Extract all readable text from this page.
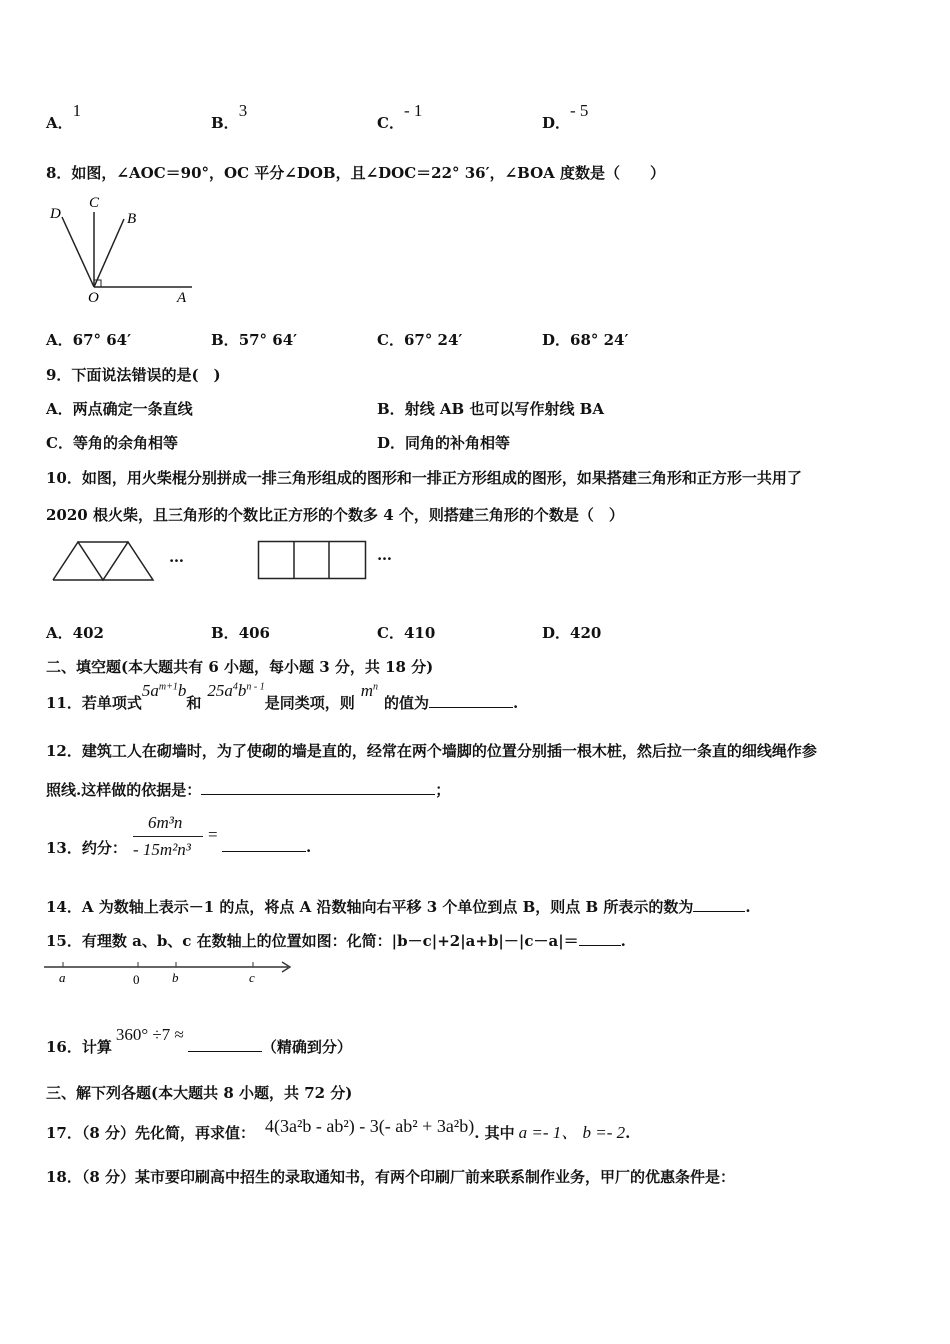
A．1
B．3
C．- 1
D．- 5
8．如图，∠AOC＝90°，OC 平分∠DOB，且∠DOC＝22° 36′，∠BOA 度数是（　　）
D
C
B
O	A
A．67° 64′	B．57° 64′	C．67° 24′	D．68° 24′
9．下面说法错误的是(　)
A．两点确定一条直线	B．射线 AB 也可以写作射线 BA
C．等角的余角相等	D．同角的补角相等
10．如图，用火柴棍分别拼成一排三角形组成的图形和一排正方形组成的图形，如果搭建三角形和正方形一共用了
2020 根火柴，且三角形的个数比正方形的个数多 4 个，则搭建三角形的个数是（　）
…	…
A．402	B．406	C．410	D．420
二、填空题(本大题共有 6 小题，每小题 3 分，共 18 分)
11．若单项式$5a^{m+1}b$和$25a^4b^{n - 1}$是同类项，则$m^n$的值为	.
12．建筑工人在砌墙时，为了使砌的墙是直的，经常在两个墙脚的位置分别插一根木桩，然后拉一条直的细线绳作参
照线.这样做的依据是：	；
13．约分：
6m³n
- 15m²n³
=
.
14．A 为数轴上表示－1 的点，将点 A 沿数轴向右平移 3 个单位到点 B，则点 B 所表示的数为	.
15．有理数 a、b、c 在数轴上的位置如图：化简：|b－c|+2|a+b|－|c－a|＝	.
a	0	b	c
16．计算360° ÷7 ≈（精确到分）
三、解下列各题(本大题共 8 小题，共 72 分)
17．（8 分）先化简，再求值： 4(3a²b - ab²) - 3(- ab² + 3a²b). 其中 a =- 1、 b =- 2.
18．（8 分）某市要印刷高中招生的录取通知书，有两个印刷厂前来联系制作业务，甲厂的优惠条件是：
